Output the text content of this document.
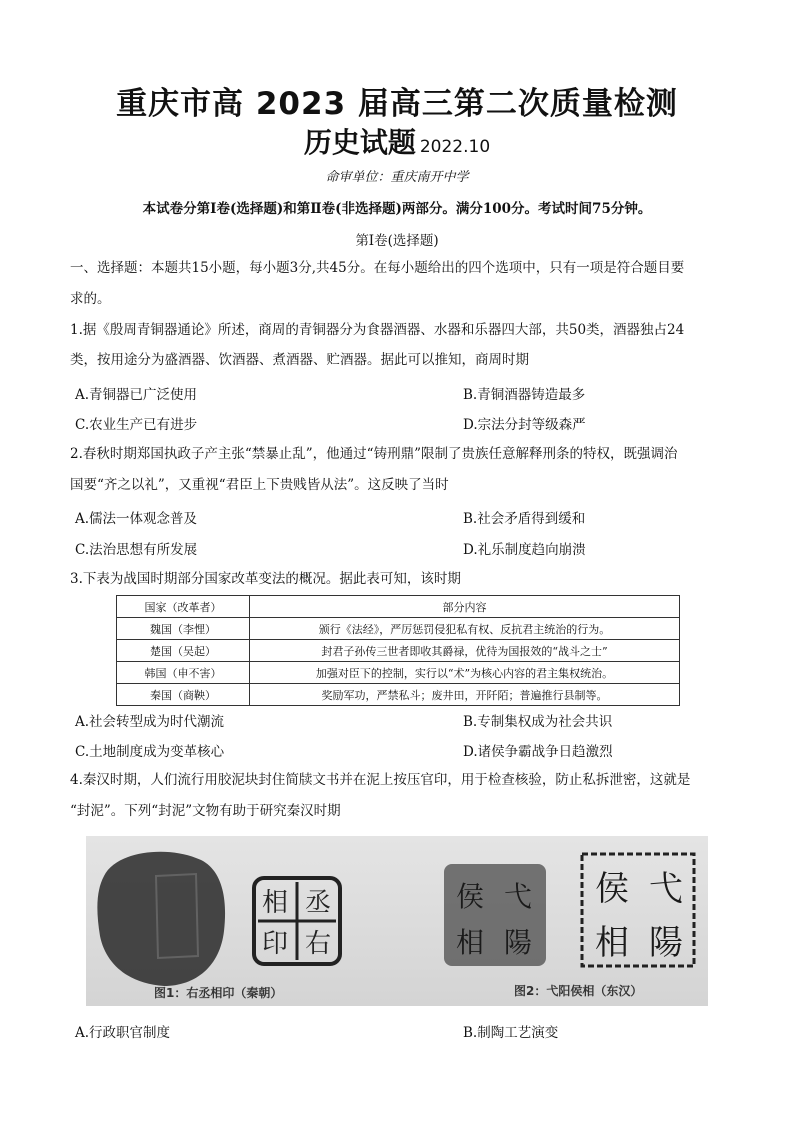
重庆市高 2023 届高三第二次质量检测
历史试题 2022.10
命审单位：重庆南开中学
本试卷分第Ⅰ卷(选择题)和第Ⅱ卷(非选择题)两部分。满分100分。考试时间75分钟。
第Ⅰ卷(选择题)
一、选择题：本题共15小题，每小题3分,共45分。在每小题给出的四个选项中，只有一项是符合题目要
求的。
1.据《殷周青铜器通论》所述，商周的青铜器分为食器酒器、水器和乐器四大部，共50类，酒器独占24
类，按用途分为盛酒器、饮酒器、煮酒器、贮酒器。据此可以推知，商周时期
A.青铜器已广泛使用	B.青铜酒器铸造最多
C.农业生产已有进步	D.宗法分封等级森严
2.春秋时期郑国执政子产主张“禁暴止乱”，他通过“铸刑鼎”限制了贵族任意解释刑条的特权，既强调治
国要“齐之以礼”，又重视“君臣上下贵贱皆从法”。这反映了当时
A.儒法一体观念普及	B.社会矛盾得到缓和
C.法治思想有所发展	D.礼乐制度趋向崩溃
3.下表为战国时期部分国家改革变法的概况。据此表可知，该时期
国家（改革者）	部分内容
魏国（李悝）	颁行《法经》，严厉惩罚侵犯私有权、反抗君主统治的行为。
楚国（吴起）	封君子孙传三世者即收其爵禄，优待为国报效的“战斗之士”
韩国（申不害）	加强对臣下的控制，实行以“术”为核心内容的君主集权统治。
秦国（商鞅）	奖励军功，严禁私斗；废井田，开阡陌；普遍推行县制等。
A.社会转型成为时代潮流	B.专制集权成为社会共识
C.土地制度成为变革核心	D.诸侯争霸战争日趋激烈
4.秦汉时期，人们流行用胶泥块封住简牍文书并在泥上按压官印，用于检查核验，防止私拆泄密，这就是
“封泥”。下列“封泥”文物有助于研究秦汉时期
相 丞
印 右
侯 弋
相 陽
侯 弋
相 陽
图1：右丞相印（秦朝）	图2：弋阳侯相（东汉）
A.行政职官制度	B.制陶工艺演变
